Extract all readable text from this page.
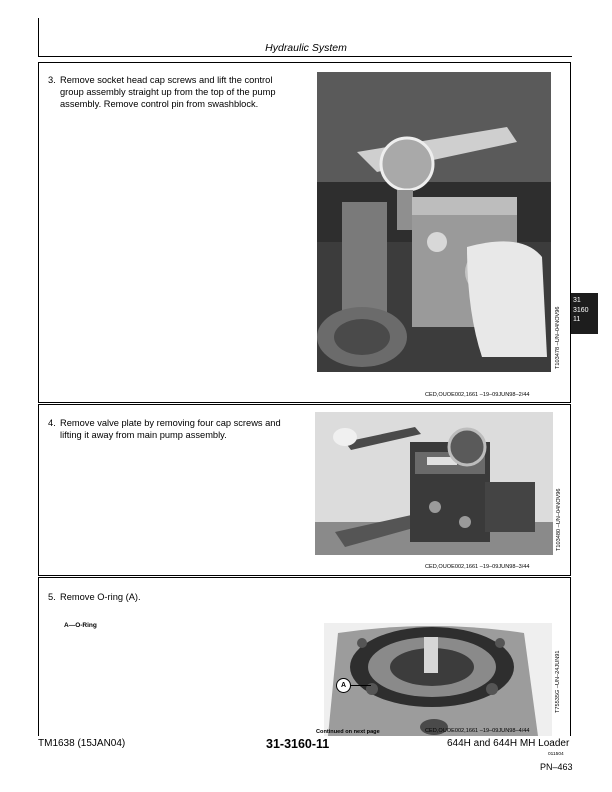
Hydraulic System
31
3160
11
3. Remove socket head cap screws and lift the control
group assembly straight up from the top of the pump
assembly. Remove control pin from swashblock.
T103478 –UN–04NOV96
CED,OUOE002,1661 –19–09JUN98–2/44
4. Remove valve plate by removing four cap screws and
lifting it away from main pump assembly.
T103480 –UN–04NOV96
CED,OUOE002,1661 –19–09JUN98–3/44
5. Remove O-ring (A).
A—O-Ring
A	T75535G –UN–24JUN91
Continued on next page	CED,OUOE002,1661 –19–09JUN98–4/44
TM1638 (15JAN04)	31-3160-11	644H and 644H MH Loader
011504
PN–463
